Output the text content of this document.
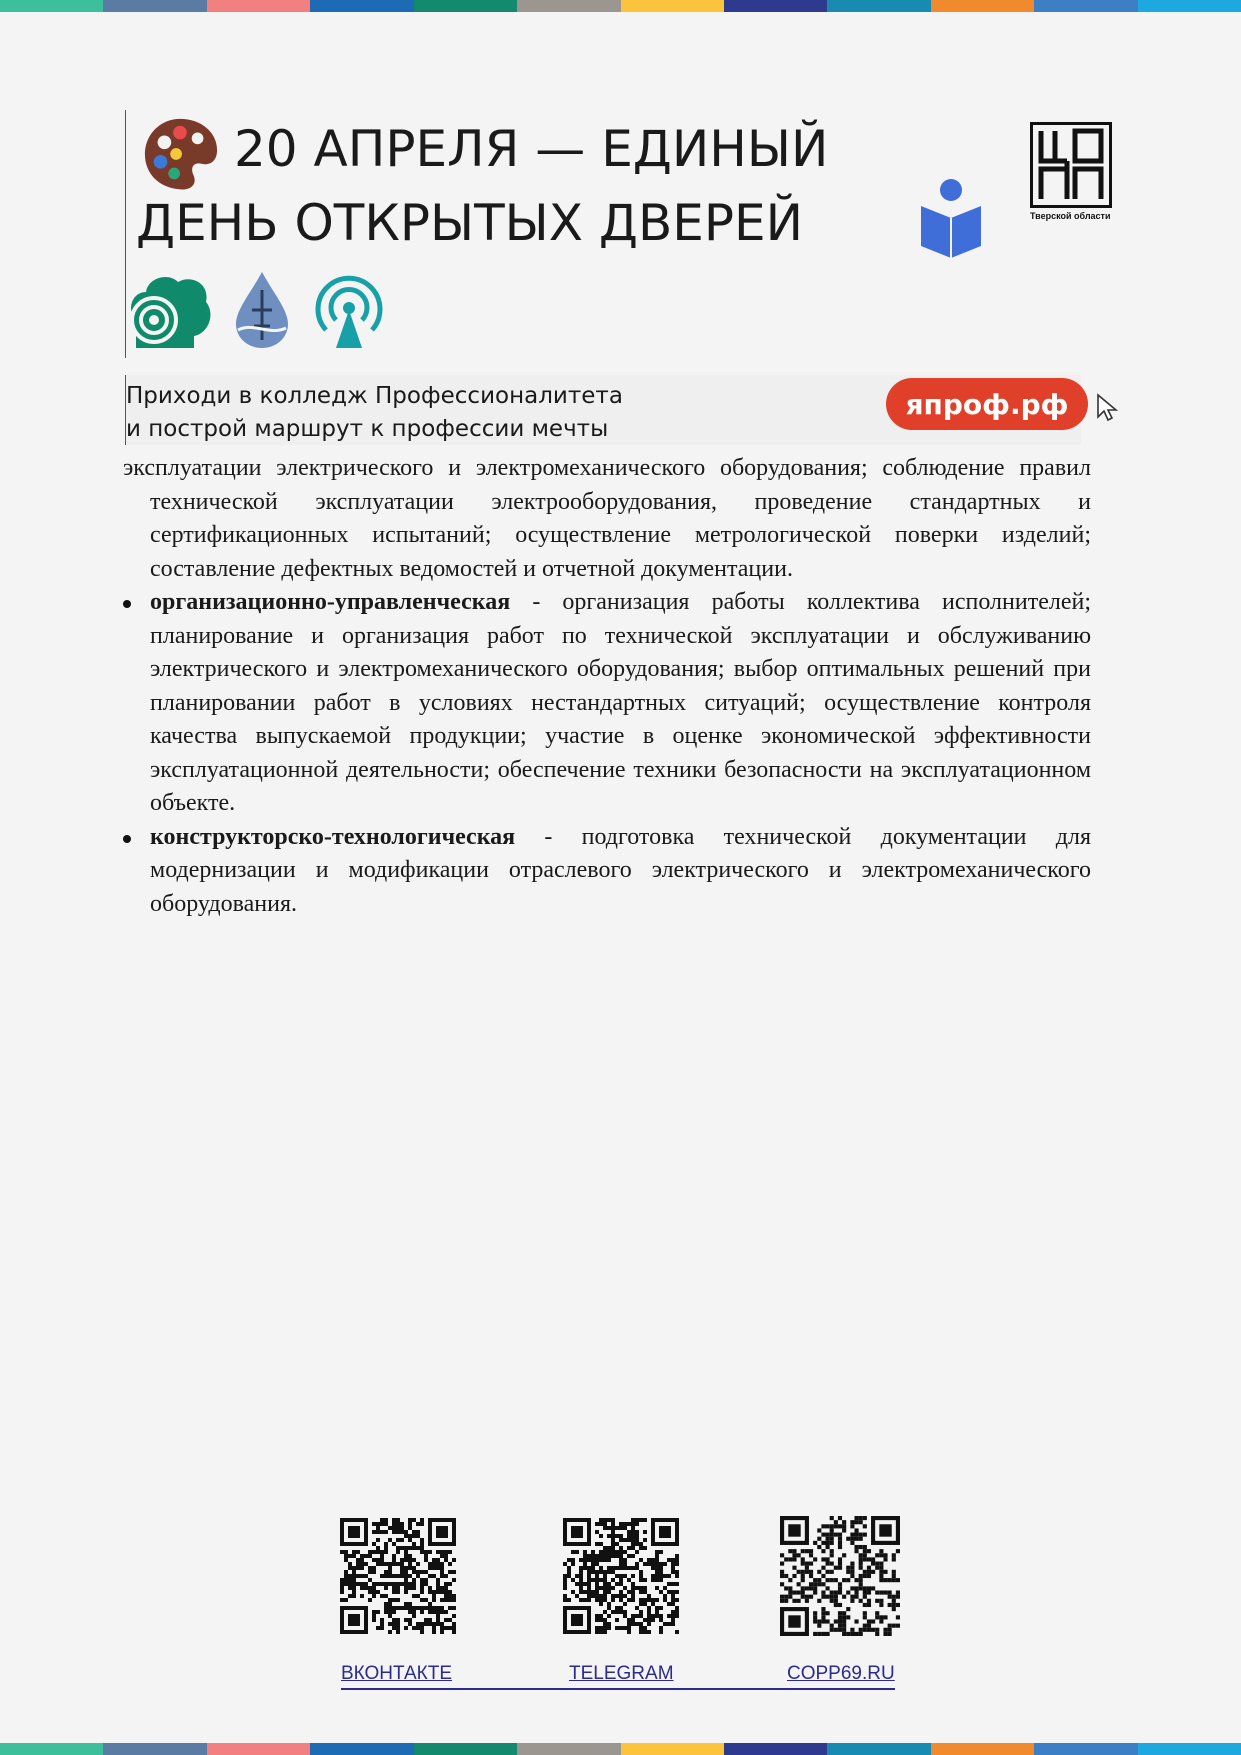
20 АПРЕЛЯ — ЕДИНЫЙ
ДЕНЬ ОТКРЫТЫХ ДВЕРЕЙ	Тверской области
Приходи в колледж Профессионалитета
и построй маршрут к профессии мечты
япроф.рф

эксплуатации электрического и электромеханического оборудования; соблюдение правил технической эксплуатации электрооборудования, проведение стандартных и сертификационных испытаний; осуществление метрологической поверки изделий; составление дефектных ведомостей и отчетной документации.

организационно-управленческая - организация работы коллектива исполнителей; планирование и организация работ по технической эксплуатации и обслуживанию электрического и электромеханического оборудования; выбор оптимальных решений при планировании работ в условиях нестандартных ситуаций; осуществление контроля качества выпускаемой продукции; участие в оценке экономической эффективности эксплуатационной деятельности; обеспечение техники безопасности на эксплуатационном объекте.

конструкторско-технологическая - подготовка технической документации для модернизации и модификации отраслевого электрического и электромеханического оборудования.

ВКОНТАКТЕ	TELEGRAM	COPP69.RU
